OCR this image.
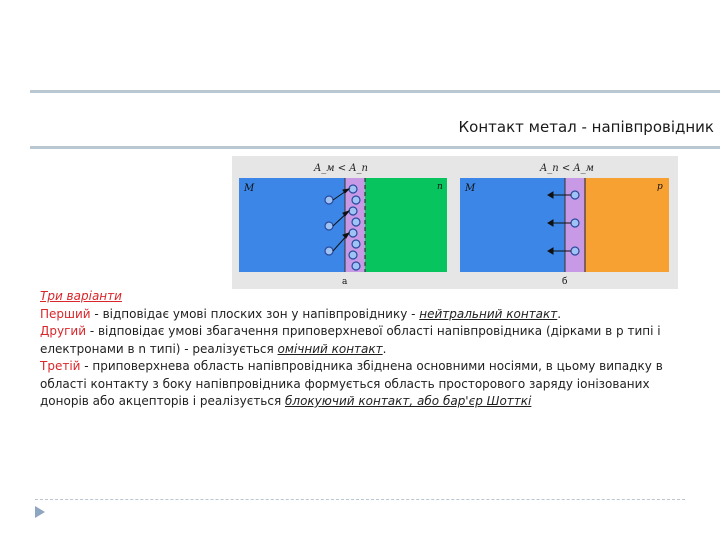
Контакт метал - напівпровідник
A_м < A_п
M	n
а
A_п < A_м
M	p
б
Три варіанти
Перший - відповідає умові плоских зон у напівпровіднику - нейтральний контакт.
Другий - відповідає умові збагачення приповерхневої області напівпровідника (дірками в р типі і електронами в n типі) - реалізується омічний контакт.
Третій - приповерхнева область напівпровідника збіднена основними носіями, в цьому випадку в області контакту з боку напівпровідника формується область просторового заряду іонізованих донорів або акцепторів і реалізується блокуючий контакт, або бар'єр Шотткі
